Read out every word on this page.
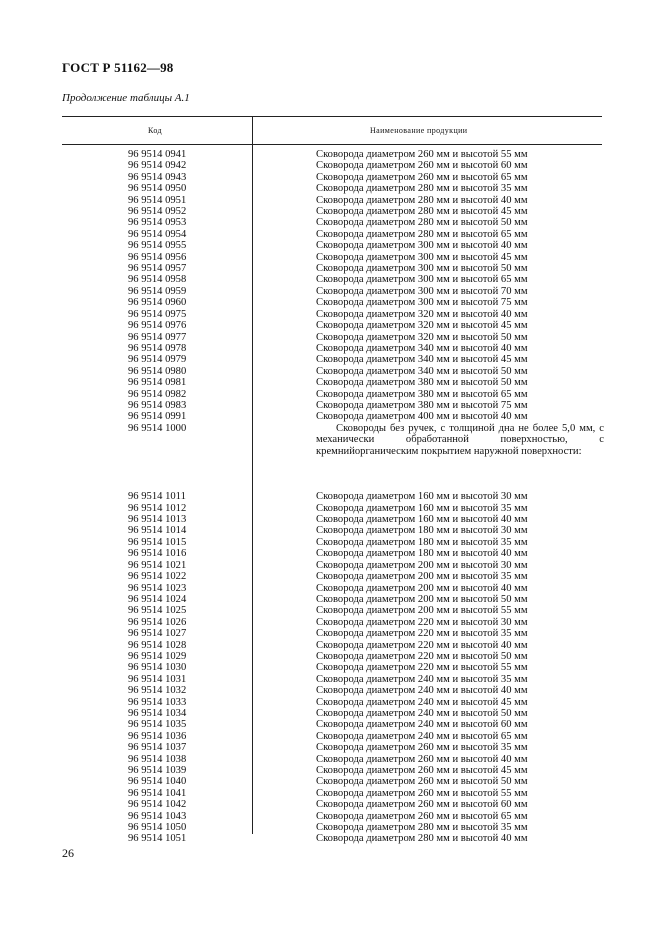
ГОСТ Р 51162—98
Продолжение таблицы А.1
Код	Наименование продукции
96 9514 0941	Сковорода диаметром 260 мм и высотой 55 мм
96 9514 0942	Сковорода диаметром 260 мм и высотой 60 мм
96 9514 0943	Сковорода диаметром 260 мм и высотой 65 мм
96 9514 0950	Сковорода диаметром 280 мм и высотой 35 мм
96 9514 0951	Сковорода диаметром 280 мм и высотой 40 мм
96 9514 0952	Сковорода диаметром 280 мм и высотой 45 мм
96 9514 0953	Сковорода диаметром 280 мм и высотой 50 мм
96 9514 0954	Сковорода диаметром 280 мм и высотой 65 мм
96 9514 0955	Сковорода диаметром 300 мм и высотой 40 мм
96 9514 0956	Сковорода диаметром 300 мм и высотой 45 мм
96 9514 0957	Сковорода диаметром 300 мм и высотой 50 мм
96 9514 0958	Сковорода диаметром 300 мм и высотой 65 мм
96 9514 0959	Сковорода диаметром 300 мм и высотой 70 мм
96 9514 0960	Сковорода диаметром 300 мм и высотой 75 мм
96 9514 0975	Сковорода диаметром 320 мм и высотой 40 мм
96 9514 0976	Сковорода диаметром 320 мм и высотой 45 мм
96 9514 0977	Сковорода диаметром 320 мм и высотой 50 мм
96 9514 0978	Сковорода диаметром 340 мм и высотой 40 мм
96 9514 0979	Сковорода диаметром 340 мм и высотой 45 мм
96 9514 0980	Сковорода диаметром 340 мм и высотой 50 мм
96 9514 0981	Сковорода диаметром 380 мм и высотой 50 мм
96 9514 0982	Сковорода диаметром 380 мм и высотой 65 мм
96 9514 0983	Сковорода диаметром 380 мм и высотой 75 мм
96 9514 0991	Сковорода диаметром 400 мм и высотой 40 мм
96 9514 1000	Сковороды без ручек, с толщиной дна не более 5,0 мм, с механически обработанной поверхностью, с кремнийорганическим покрытием наружной поверхности:
96 9514 1011	Сковорода диаметром 160 мм и высотой 30 мм
96 9514 1012	Сковорода диаметром 160 мм и высотой 35 мм
96 9514 1013	Сковорода диаметром 160 мм и высотой 40 мм
96 9514 1014	Сковорода диаметром 180 мм и высотой 30 мм
96 9514 1015	Сковорода диаметром 180 мм и высотой 35 мм
96 9514 1016	Сковорода диаметром 180 мм и высотой 40 мм
96 9514 1021	Сковорода диаметром 200 мм и высотой 30 мм
96 9514 1022	Сковорода диаметром 200 мм и высотой 35 мм
96 9514 1023	Сковорода диаметром 200 мм и высотой 40 мм
96 9514 1024	Сковорода диаметром 200 мм и высотой 50 мм
96 9514 1025	Сковорода диаметром 200 мм и высотой 55 мм
96 9514 1026	Сковорода диаметром 220 мм и высотой 30 мм
96 9514 1027	Сковорода диаметром 220 мм и высотой 35 мм
96 9514 1028	Сковорода диаметром 220 мм и высотой 40 мм
96 9514 1029	Сковорода диаметром 220 мм и высотой 50 мм
96 9514 1030	Сковорода диаметром 220 мм и высотой 55 мм
96 9514 1031	Сковорода диаметром 240 мм и высотой 35 мм
96 9514 1032	Сковорода диаметром 240 мм и высотой 40 мм
96 9514 1033	Сковорода диаметром 240 мм и высотой 45 мм
96 9514 1034	Сковорода диаметром 240 мм и высотой 50 мм
96 9514 1035	Сковорода диаметром 240 мм и высотой 60 мм
96 9514 1036	Сковорода диаметром 240 мм и высотой 65 мм
96 9514 1037	Сковорода диаметром 260 мм и высотой 35 мм
96 9514 1038	Сковорода диаметром 260 мм и высотой 40 мм
96 9514 1039	Сковорода диаметром 260 мм и высотой 45 мм
96 9514 1040	Сковорода диаметром 260 мм и высотой 50 мм
96 9514 1041	Сковорода диаметром 260 мм и высотой 55 мм
96 9514 1042	Сковорода диаметром 260 мм и высотой 60 мм
96 9514 1043	Сковорода диаметром 260 мм и высотой 65 мм
96 9514 1050	Сковорода диаметром 280 мм и высотой 35 мм
96 9514 1051	Сковорода диаметром 280 мм и высотой 40 мм
26
